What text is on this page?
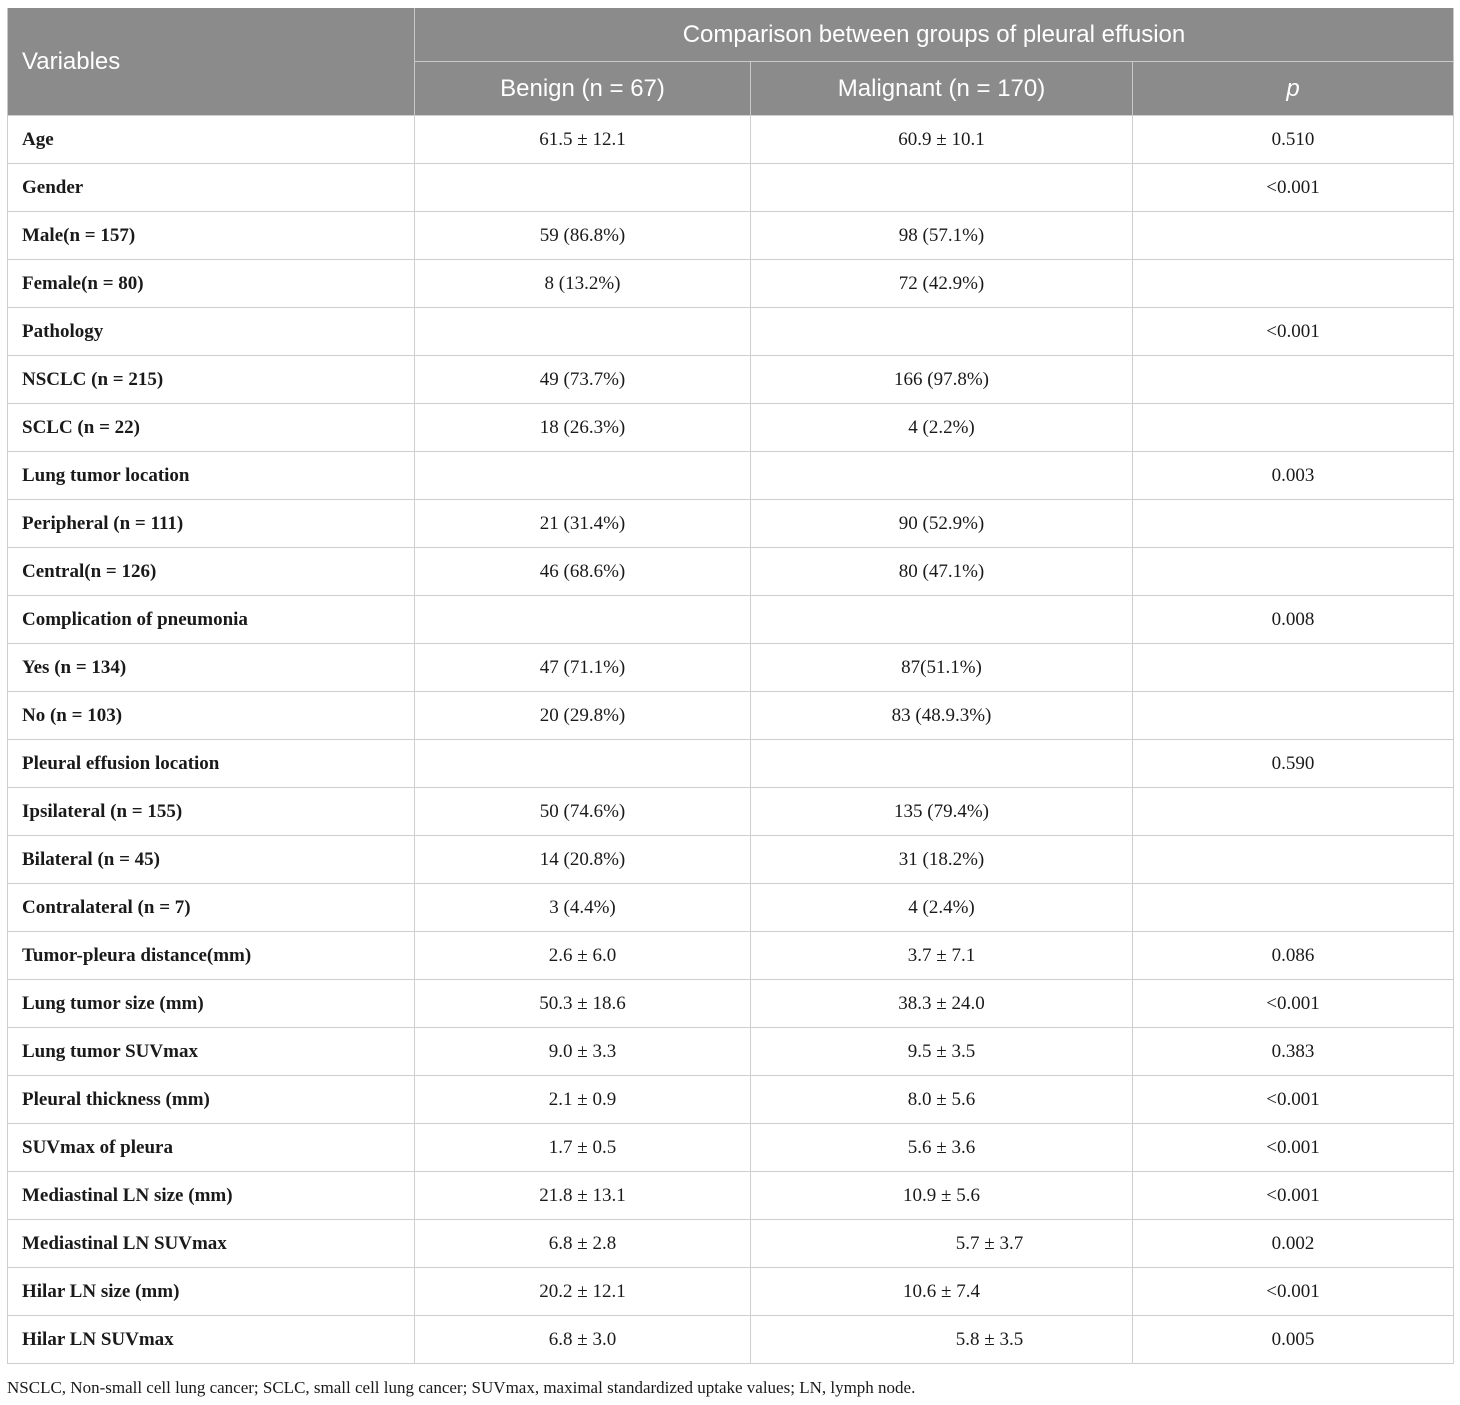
Variables	Comparison between groups of pleural effusion		
	Benign (n = 67)	Malignant (n = 170)	p
Age	61.5 ± 12.1	60.9 ± 10.1	0.510
Gender			<0.001
Male(n = 157)	59 (86.8%)	98 (57.1%)	
Female(n = 80)	8 (13.2%)	72 (42.9%)	
Pathology			<0.001
NSCLC (n = 215)	49 (73.7%)	166 (97.8%)	
SCLC (n = 22)	18 (26.3%)	4 (2.2%)	
Lung tumor location			0.003
Peripheral (n = 111)	21 (31.4%)	90 (52.9%)	
Central(n = 126)	46 (68.6%)	80 (47.1%)	
Complication of pneumonia			0.008
Yes (n = 134)	47 (71.1%)	87(51.1%)	
No (n = 103)	20 (29.8%)	83 (48.9.3%)	
Pleural effusion location			0.590
Ipsilateral (n = 155)	50 (74.6%)	135 (79.4%)	
Bilateral (n = 45)	14 (20.8%)	31 (18.2%)	
Contralateral (n = 7)	3 (4.4%)	4 (2.4%)	
Tumor-pleura distance(mm)	2.6 ± 6.0	3.7 ± 7.1	0.086
Lung tumor size (mm)	50.3 ± 18.6	38.3 ± 24.0	<0.001
Lung tumor SUVmax	9.0 ± 3.3	9.5 ± 3.5	0.383
Pleural thickness (mm)	2.1 ± 0.9	8.0 ± 5.6	<0.001
SUVmax of pleura	1.7 ± 0.5	5.6 ± 3.6	<0.001
Mediastinal LN size (mm)	21.8 ± 13.1	10.9 ± 5.6	<0.001
Mediastinal LN SUVmax	6.8 ± 2.8	5.7 ± 3.7	0.002
Hilar LN size (mm)	20.2 ± 12.1	10.6 ± 7.4	<0.001
Hilar LN SUVmax	6.8 ± 3.0	5.8 ± 3.5	0.005
NSCLC, Non-small cell lung cancer; SCLC, small cell lung cancer; SUVmax, maximal standardized uptake values; LN, lymph node.
